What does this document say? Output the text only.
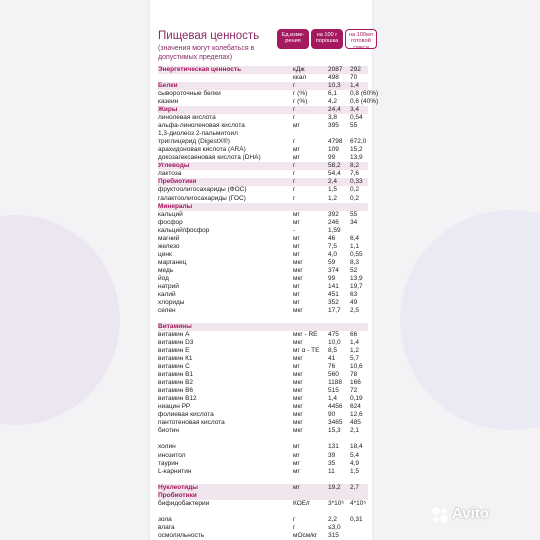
Пищевая ценность
(значения могут колебаться в допустимых пределах)
Ед.изме-рения
на 100 г порошка
на 100мл готовой смеси
Энергетическая ценность	кДж	2087 292
ккал	498 70
Белки	г	10,3 1,4
сывороточные белки	г (%)	6,1 0,8 (60%)
казеин	г (%)	4,2 0,6 (40%)
Жиры	г	24,4 3,4
линолевая кислота	г	3,8 0,54
альфа-линоленовая кислота	мг	395 55
1,3-диолеоз 2-пальмитоил
триглицерид (DigestX®)	г	4798 672,0
арахидоновая кислота (ARA)	мг	109 15,2
докозагексаеновая кислота (DHA)	мг	99 13,9
Углеводы	г	58,2 8,2
лактоза	г	54,4 7,6
Пребиотики	г	2,4 0,33
фруктоолигосахариды (ФОС)	г	1,5 0,2
галактоолигосахариды (ГОС)	г	1,2 0,2
Минералы
кальций	мг	392 55
фосфор	мг	246 34
кальций/фосфор	-	1,59
магний	мг	46 6,4
железо	мг	7,5 1,1
цинк	мг	4,0 0,55
марганец	мкг	59 8,3
медь	мкг	374 52
йод	мкг	99 13,9
натрий	мг	141 19,7
калий	мг	451 63
хлориды	мг	352 49
селен	мкг	17,7 2,5
Витамины
витамин А	мкг - RE 475 66
витамин D3	мкг	10,0 1,4
витамин Е	мг α - ТЕ 8,5 1,2
витамин К1	мкг	41 5,7
витамин С	мг	76 10,6
витамин В1	мкг	560 78
витамин В2	мкг	1188 166
витамин В6	мкг	515 72
витамин В12	мкг	1,4 0,19
ниацин PP	мкг	4456 624
фолиевая кислота	мкг	90 12,6
пантотеновая кислота	мкг	3465 485
биотин	мкг	15,3 2,1
холин	мг	131 18,4
инозитол	мг	39 5,4
таурин	мг	35 4,9
L-карнитин	мг	11 1,5
Нуклеотиды	мг	19,2 2,7
Пробиотики
бифидобактерии	КОЕ/г	3*10⁶ 4*10⁵
зола	г	2,2 0,31
влага	г	≤3,0
осмоляльность	мОсм/кг 315
Avito
